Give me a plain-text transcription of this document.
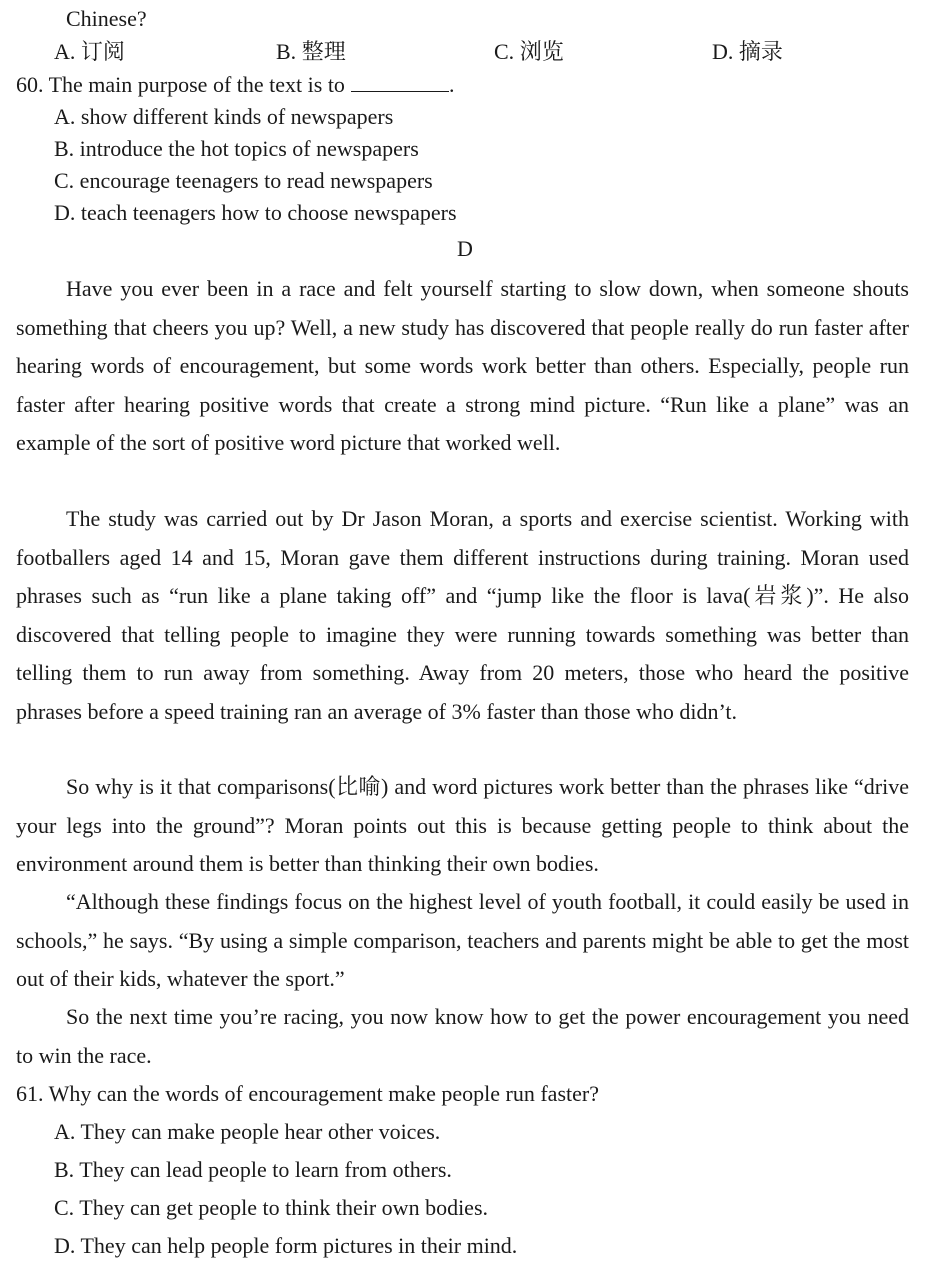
Chinese?
A. 订阅	B. 整理	C. 浏览	D. 摘录
60. The main purpose of the text is to	.
A. show different kinds of newspapers
B. introduce the hot topics of newspapers
C. encourage teenagers to read newspapers
D. teach teenagers how to choose newspapers
D

Have you ever been in a race and felt yourself starting to slow down, when someone shouts something that cheers you up? Well, a new study has discovered that people really do run faster after hearing words of encouragement, but some words work better than others. Especially, people run faster after hearing positive words that create a strong mind picture. “Run like a plane” was an example of the sort of positive word picture that worked well.

The study was carried out by Dr Jason Moran, a sports and exercise scientist. Working with footballers aged 14 and 15, Moran gave them different instructions during training. Moran used phrases such as “run like a plane taking off” and “jump like the floor is lava(岩浆)”. He also discovered that telling people to imagine they were running towards something was better than telling them to run away from something. Away from 20 meters, those who heard the positive phrases before a speed training ran an average of 3% faster than those who didn’t.

So why is it that comparisons(比喻) and word pictures work better than the phrases like “drive your legs into the ground”? Moran points out this is because getting people to think about the environment around them is better than thinking their own bodies.

“Although these findings focus on the highest level of youth football, it could easily be used in schools,” he says. “By using a simple comparison, teachers and parents might be able to get the most out of their kids, whatever the sport.”

So the next time you’re racing, you now know how to get the power encouragement you need to win the race.

61. Why can the words of encouragement make people run faster?
A. They can make people hear other voices.
B. They can lead people to learn from others.
C. They can get people to think their own bodies.
D. They can help people form pictures in their mind.
